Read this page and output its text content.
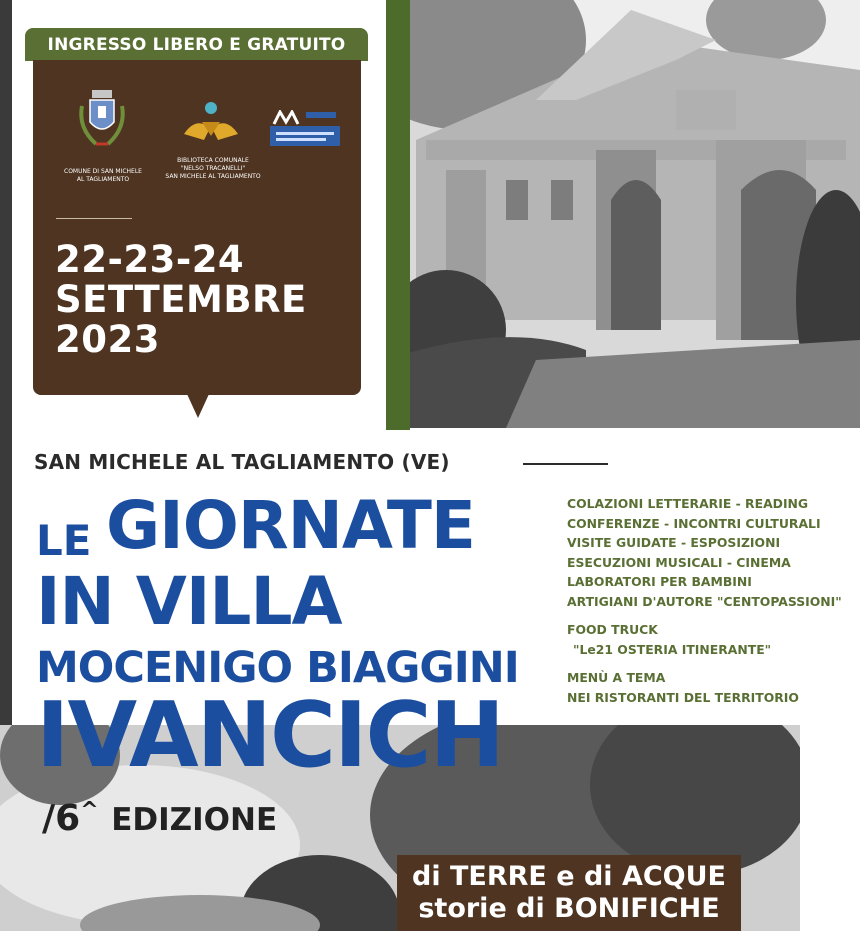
INGRESSO LIBERO E GRATUITO
COMUNE DI SAN MICHELE
AL TAGLIAMENTO
BIBLIOTECA COMUNALE
"NELSO TRACANELLI"
SAN MICHELE AL TAGLIAMENTO
22-23-24
SETTEMBRE
2023
SAN MICHELE AL TAGLIAMENTO (VE)
LE GIORNATE
IN VILLA
MOCENIGO BIAGGINI
IVANCICH
/6^ EDIZIONE
COLAZIONI LETTERARIE - READING
CONFERENZE - INCONTRI CULTURALI
VISITE GUIDATE - ESPOSIZIONI
ESECUZIONI MUSICALI - CINEMA
LABORATORI PER BAMBINI
ARTIGIANI D'AUTORE "CENTOPASSIONI"
FOOD TRUCK
"Le21 OSTERIA ITINERANTE"
MENÙ A TEMA
NEI RISTORANTI DEL TERRITORIO
di TERRE e di ACQUE
storie di BONIFICHE
